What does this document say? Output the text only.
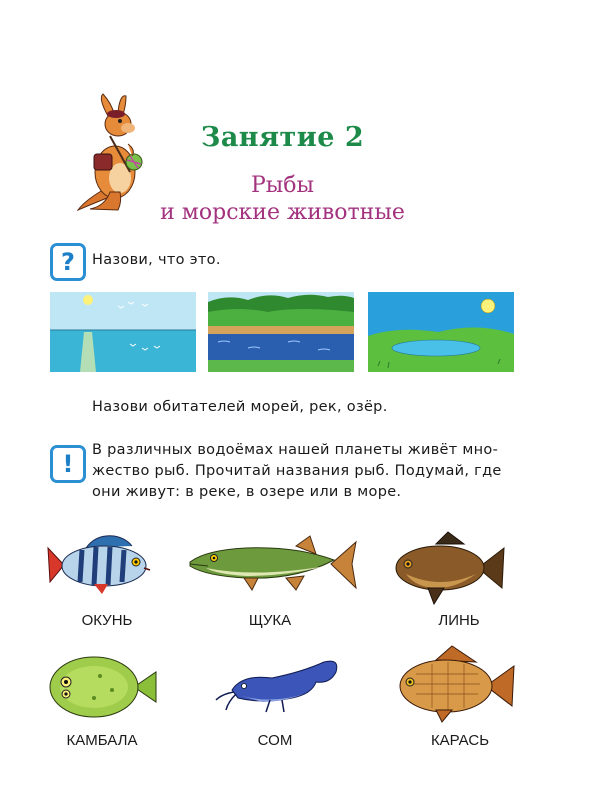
Занятие 2
Рыбы
и морские животные
?	Назови, что это.
Назови обитателей морей, рек, озёр.
!	В различных водоёмах нашей планеты живёт мно-
жество рыб. Прочитай названия рыб. Подумай, где
они живут: в реке, в озере или в море.
ОКУНЬ	ЩУКА	ЛИНЬ
КАМБАЛА	СОМ	КАРАСЬ
